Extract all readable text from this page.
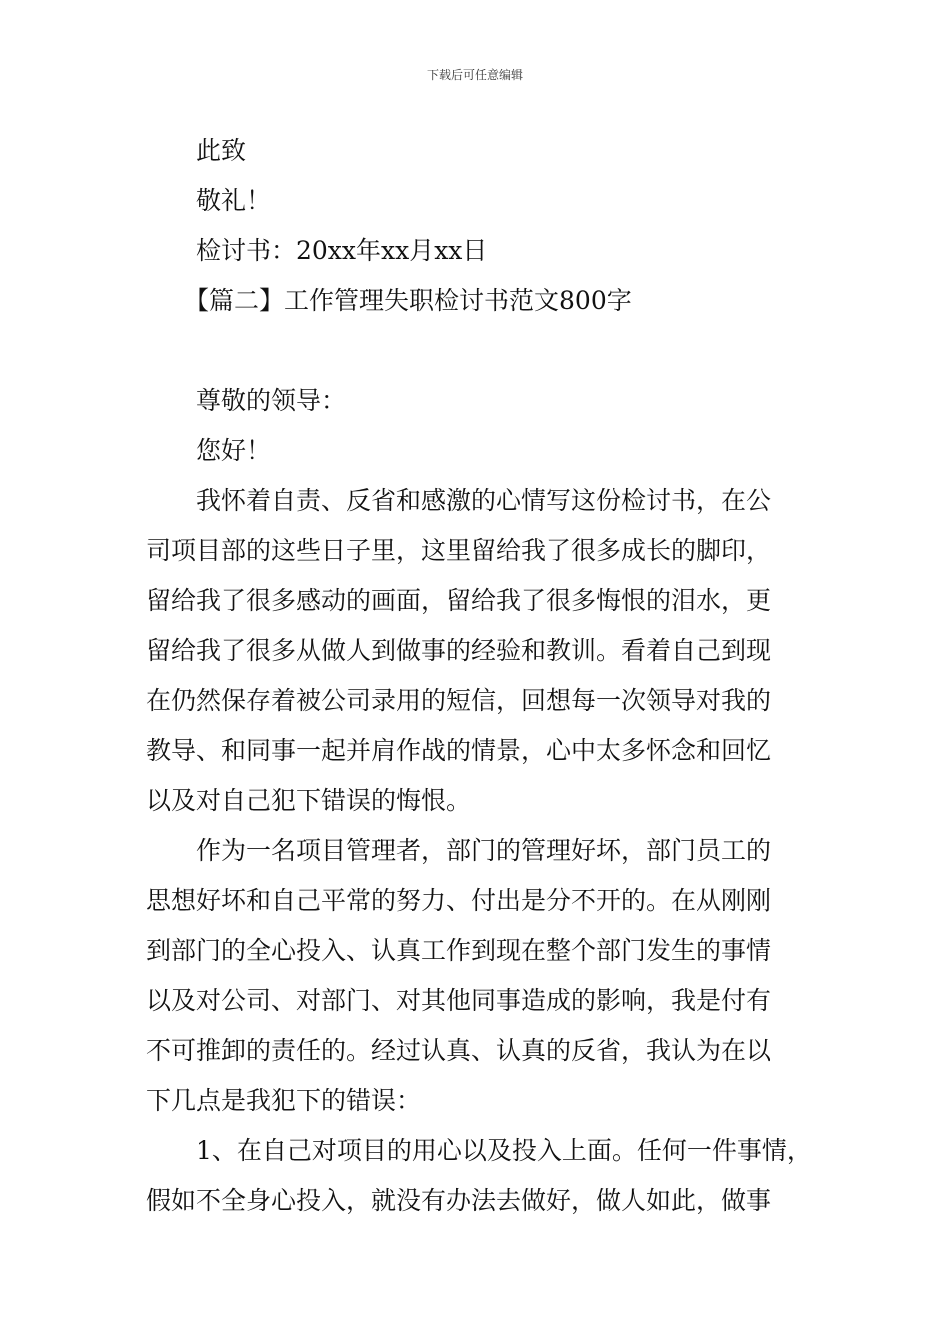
下载后可任意编辑
此致
敬礼！
检讨书：20xx年xx月xx日
【篇二】工作管理失职检讨书范文800字
尊敬的领导：
您好！
我怀着自责、反省和感激的心情写这份检讨书，在公
司项目部的这些日子里，这里留给我了很多成长的脚印，
留给我了很多感动的画面，留给我了很多悔恨的泪水，更
留给我了很多从做人到做事的经验和教训。看着自己到现
在仍然保存着被公司录用的短信，回想每一次领导对我的
教导、和同事一起并肩作战的情景，心中太多怀念和回忆
以及对自己犯下错误的悔恨。
作为一名项目管理者，部门的管理好坏，部门员工的
思想好坏和自己平常的努力、付出是分不开的。在从刚刚
到部门的全心投入、认真工作到现在整个部门发生的事情
以及对公司、对部门、对其他同事造成的影响，我是付有
不可推卸的责任的。经过认真、认真的反省，我认为在以
下几点是我犯下的错误：
1、在自己对项目的用心以及投入上面。任何一件事情，
假如不全身心投入，就没有办法去做好，做人如此，做事
